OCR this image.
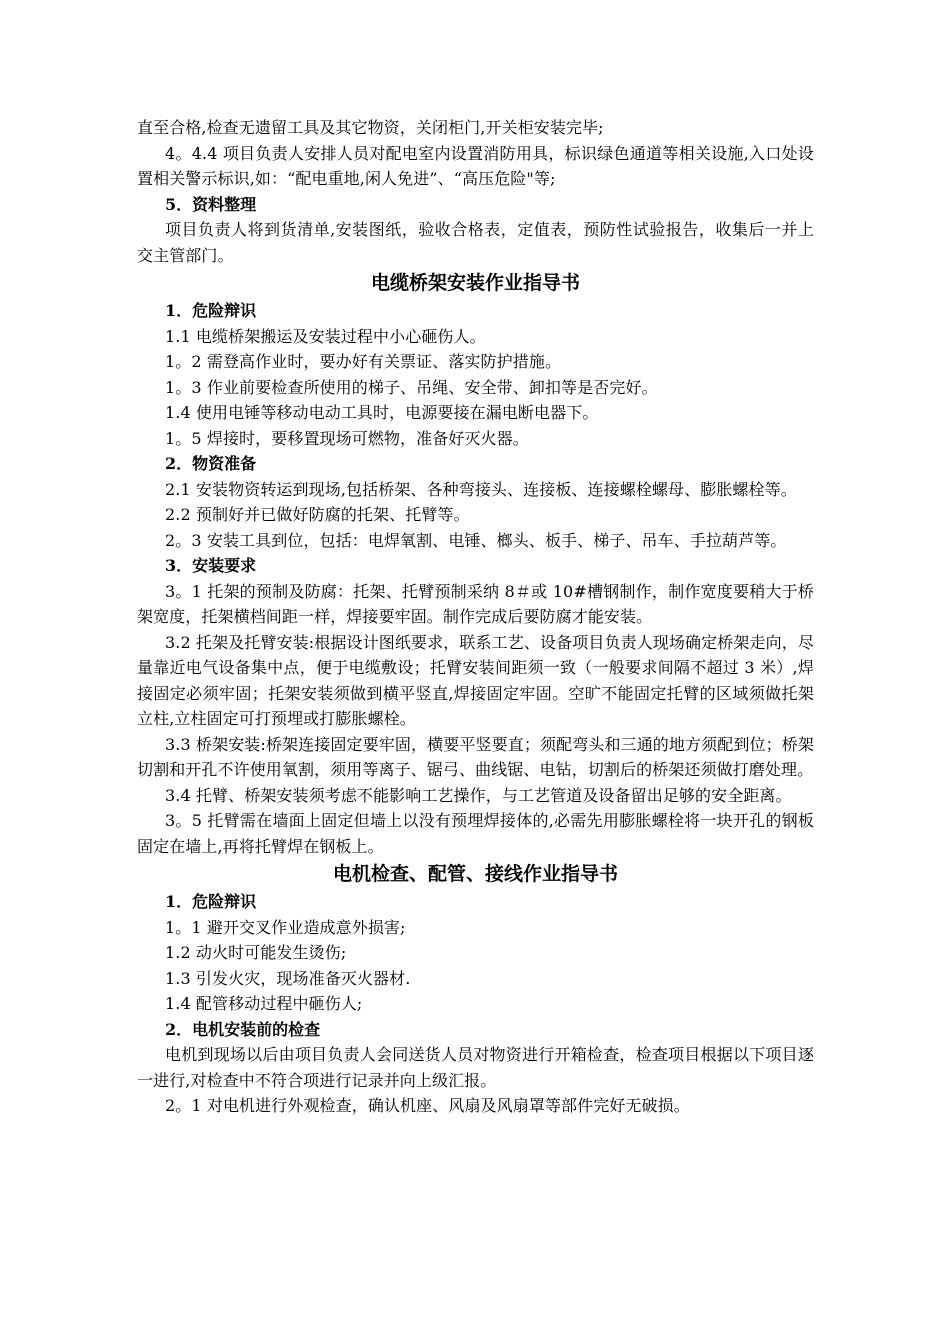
直至合格,检查无遗留工具及其它物资，关闭柜门,开关柜安装完毕;

4。4.4 项目负责人安排人员对配电室内设置消防用具，标识绿色通道等相关设施,入口处设置相关警示标识,如：“配电重地,闲人免进”、“高压危险"等;

5．资料整理

项目负责人将到货清单,安装图纸，验收合格表，定值表，预防性试验报告，收集后一并上交主管部门。

电缆桥架安装作业指导书

1．危险辩识

1.1 电缆桥架搬运及安装过程中小心砸伤人。

1。2 需登高作业时，要办好有关票证、落实防护措施。

1。3 作业前要检查所使用的梯子、吊绳、安全带、卸扣等是否完好。

1.4 使用电锤等移动电动工具时，电源要接在漏电断电器下。

1。5 焊接时，要移置现场可燃物，准备好灭火器。

2．物资准备

2.1 安装物资转运到现场,包括桥架、各种弯接头、连接板、连接螺栓螺母、膨胀螺栓等。

2.2 预制好并已做好防腐的托架、托臂等。

2。3 安装工具到位，包括：电焊氧割、电锤、榔头、板手、梯子、吊车、手拉葫芦等。

3．安装要求

3。1 托架的预制及防腐：托架、托臂预制采纳 8＃或 10#槽钢制作，制作宽度要稍大于桥架宽度，托架横档间距一样，焊接要牢固。制作完成后要防腐才能安装。

3.2 托架及托臂安装:根据设计图纸要求，联系工艺、设备项目负责人现场确定桥架走向，尽量靠近电气设备集中点，便于电缆敷设；托臂安装间距须一致（一般要求间隔不超过 3 米）,焊接固定必须牢固；托架安装须做到横平竖直,焊接固定牢固。空旷不能固定托臂的区域须做托架立柱,立柱固定可打预埋或打膨胀螺栓。

3.3 桥架安装:桥架连接固定要牢固，横要平竖要直；须配弯头和三通的地方须配到位；桥架切割和开孔不许使用氧割，须用等离子、锯弓、曲线锯、电钻，切割后的桥架还须做打磨处理。

3.4 托臂、桥架安装须考虑不能影响工艺操作，与工艺管道及设备留出足够的安全距离。

3。5 托臂需在墙面上固定但墙上以没有预埋焊接体的,必需先用膨胀螺栓将一块开孔的钢板固定在墙上,再将托臂焊在钢板上。

电机检查、配管、接线作业指导书

1．危险辩识

1。1 避开交叉作业造成意外损害;

1.2 动火时可能发生烫伤;

1.3 引发火灾，现场准备灭火器材.

1.4 配管移动过程中砸伤人;

2．电机安装前的检查

电机到现场以后由项目负责人会同送货人员对物资进行开箱检查，检查项目根据以下项目逐一进行,对检查中不符合项进行记录并向上级汇报。

2。1 对电机进行外观检查，确认机座、风扇及风扇罩等部件完好无破损。
